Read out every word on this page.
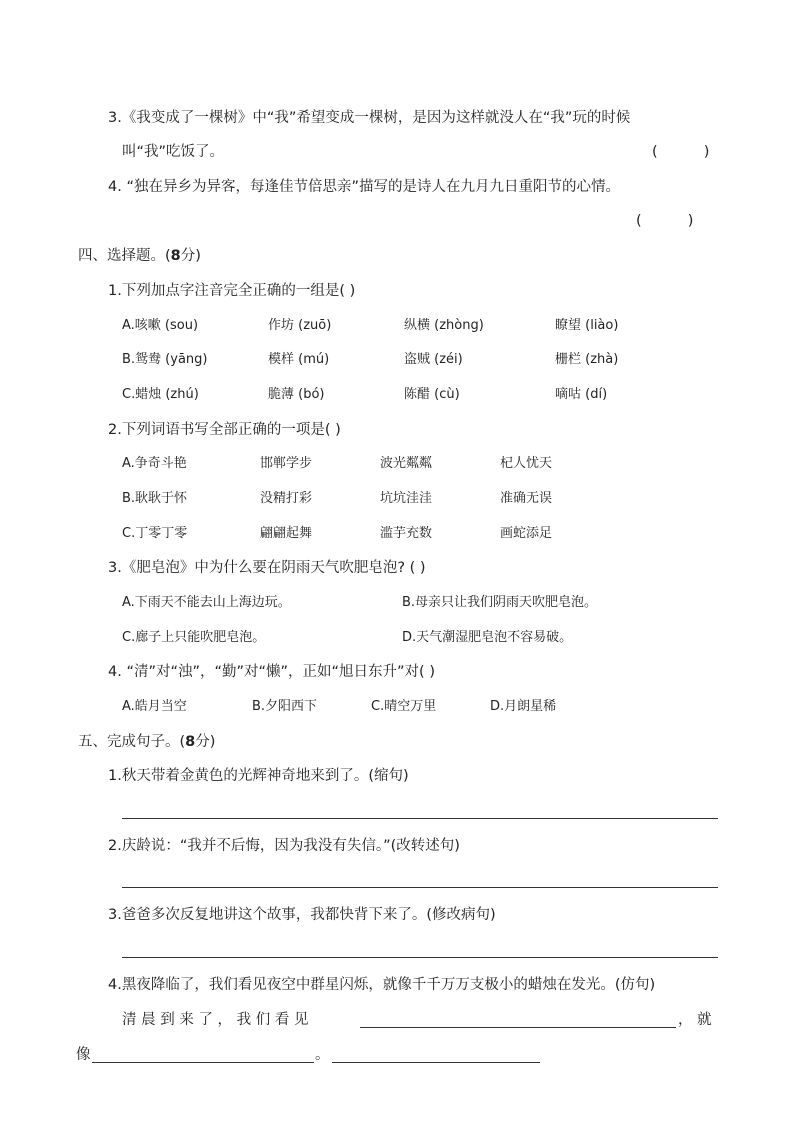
3.《我变成了一棵树》中“我”希望变成一棵树，是因为这样就没人在“我”玩的时候
叫“我”吃饭了。	(          )
4. “独在异乡为异客，每逢佳节倍思亲”描写的是诗人在九月九日重阳节的心情。
(          )
四、选择题。(8分)
1.下列加点字注音完全正确的一组是( )
A.咳嗽 (sou)	作坊 (zuō)	纵横 (zhòng)	瞭望 (liào)
B.鸳鸯 (yāng)	模样 (mú)	盗贼 (zéi)	栅栏 (zhà)
C.蜡烛 (zhú)	脆薄 (bó)	陈醋 (cù)	嘀咕 (dí)
2.下列词语书写全部正确的一项是( )
A.争奇斗艳	邯郸学步	波光粼粼	杞人忧天
B.耿耿于怀	没精打彩	坑坑洼洼	准确无误
C.丁零丁零	翩翩起舞	滥芋充数	画蛇添足
3.《肥皂泡》中为什么要在阴雨天气吹肥皂泡? ( )
A.下雨天不能去山上海边玩。	B.母亲只让我们阴雨天吹肥皂泡。
C.廊子上只能吹肥皂泡。	D.天气潮湿肥皂泡不容易破。
4. “清”对“浊”，“勤”对“懒”，正如“旭日东升”对( )
A.皓月当空	B.夕阳西下	C.晴空万里	D.月朗星稀
五、完成句子。(8分)
1.秋天带着金黄色的光辉神奇地来到了。(缩句)
2.庆龄说：“我并不后悔，因为我没有失信。”(改转述句)
3.爸爸多次反复地讲这个故事，我都快背下来了。(修改病句)
4.黑夜降临了，我们看见夜空中群星闪烁，就像千千万万支极小的蜡烛在发光。(仿句)
清 晨 到 来 了 ， 我 们 看 见	， 就
像	。
